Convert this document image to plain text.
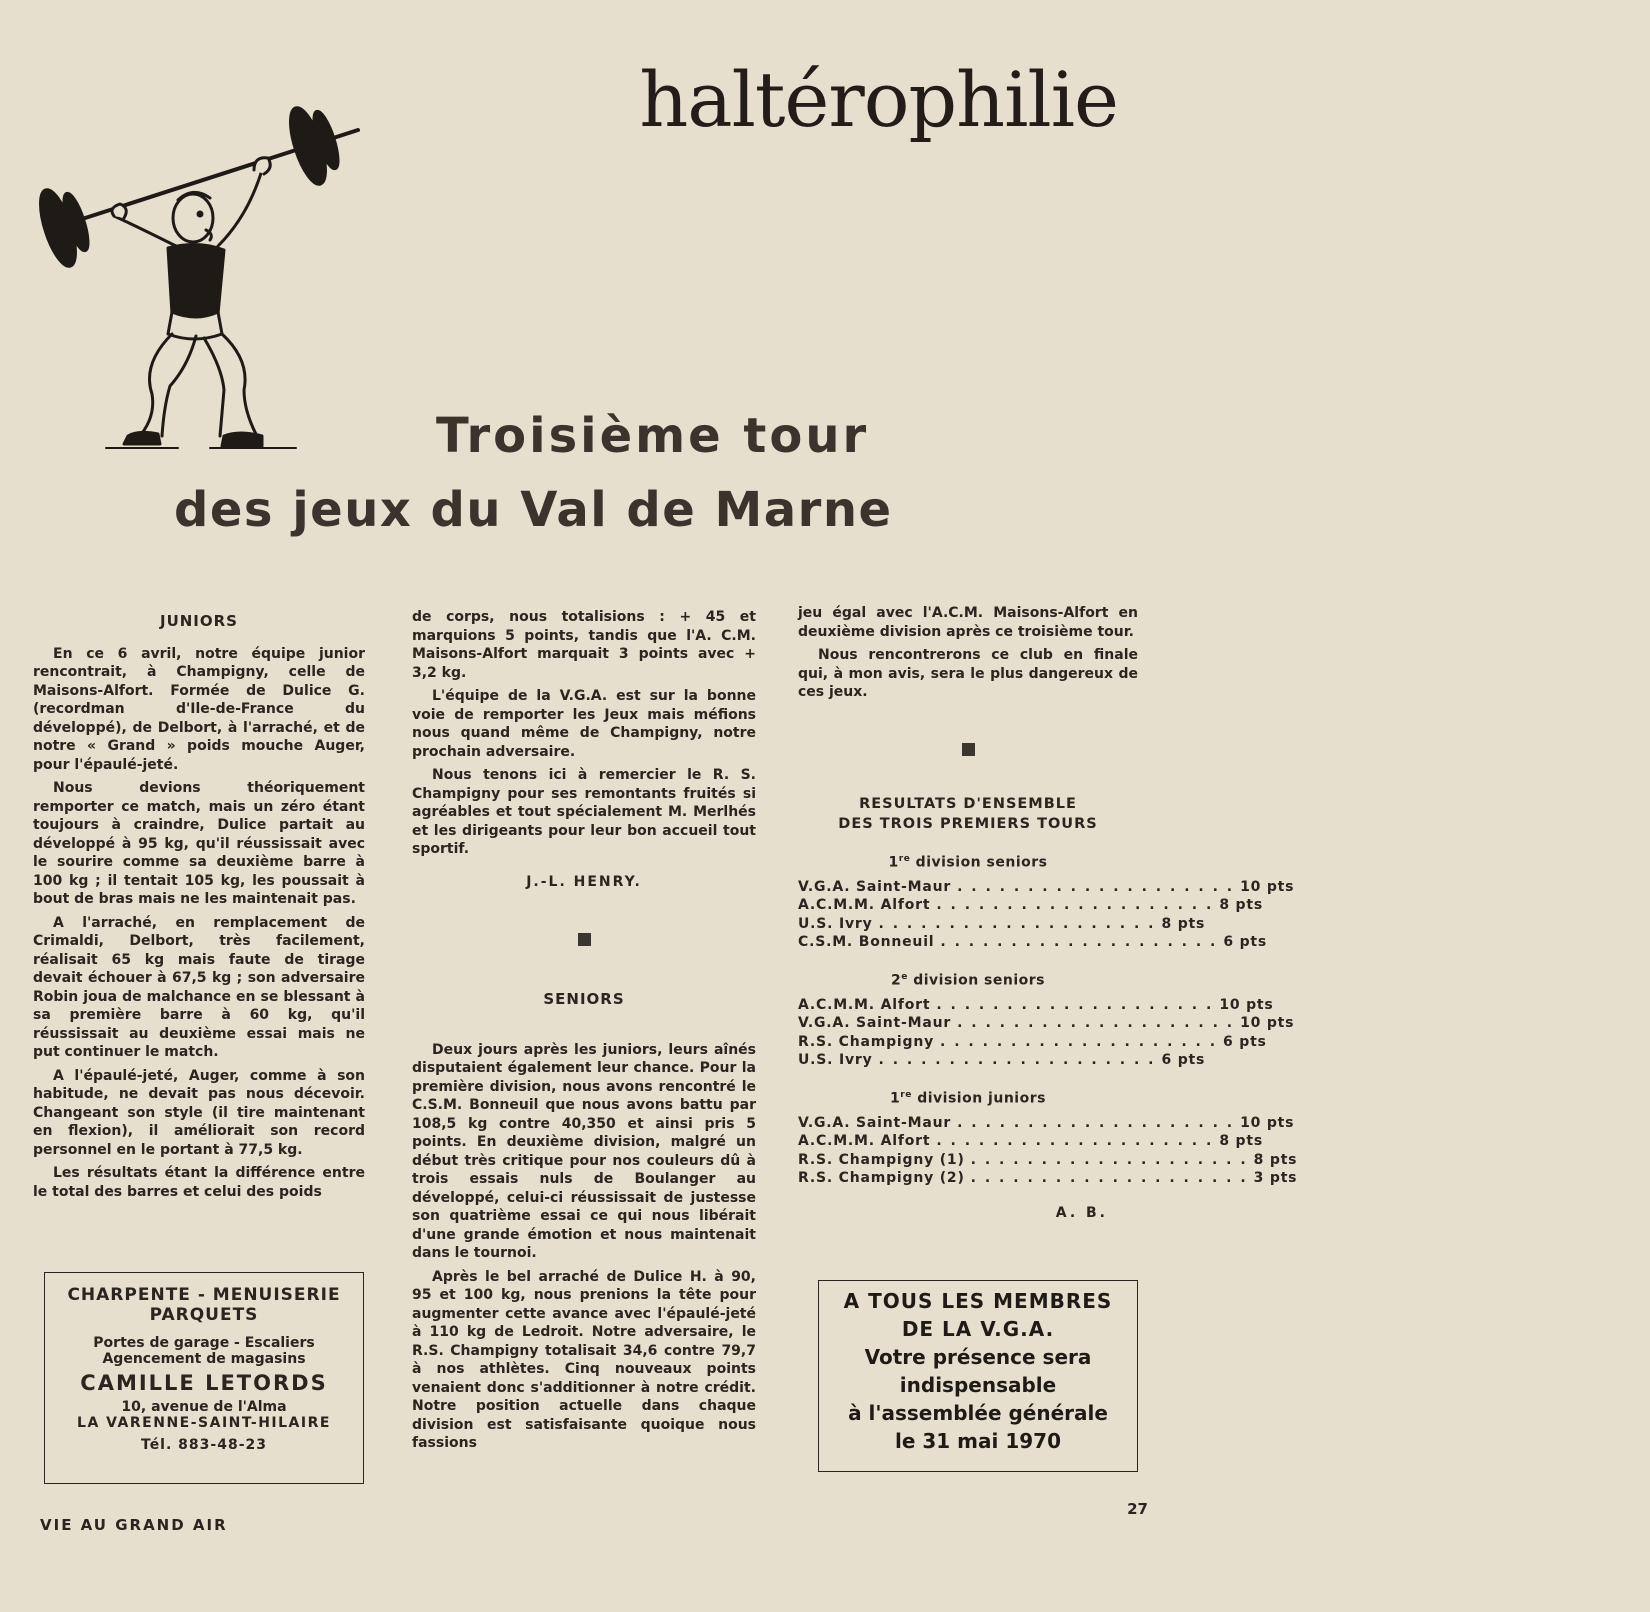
haltérophilie
Troisième tour
des jeux du Val de Marne
JUNIORS

En ce 6 avril, notre équipe junior rencontrait, à Champigny, celle de Maisons-Alfort. Formée de Dulice G. (recordman d'Ile-de-France du développé), de Delbort, à l'arraché, et de notre « Grand » poids mouche Auger, pour l'épaulé-jeté.

Nous devions théoriquement remporter ce match, mais un zéro étant toujours à craindre, Dulice partait au développé à 95 kg, qu'il réussissait avec le sourire comme sa deuxième barre à 100 kg ; il tentait 105 kg, les poussait à bout de bras mais ne les maintenait pas.

A l'arraché, en remplacement de Crimaldi, Delbort, très facilement, réalisait 65 kg mais faute de tirage devait échouer à 67,5 kg ; son adversaire Robin joua de malchance en se blessant à sa première barre à 60 kg, qu'il réussissait au deuxième essai mais ne put continuer le match.

A l'épaulé-jeté, Auger, comme à son habitude, ne devait pas nous décevoir. Changeant son style (il tire maintenant en flexion), il améliorait son record personnel en le portant à 77,5 kg.

Les résultats étant la différence entre le total des barres et celui des poids

CHARPENTE - MENUISERIE
PARQUETS
Portes de garage - Escaliers
Agencement de magasins
CAMILLE LETORDS
10, avenue de l'Alma
LA VARENNE-SAINT-HILAIRE
Tél. 883-48-23

de corps, nous totalisions : + 45 et marquions 5 points, tandis que l'A. C.M. Maisons-Alfort marquait 3 points avec + 3,2 kg.

L'équipe de la V.G.A. est sur la bonne voie de remporter les Jeux mais méfions nous quand même de Champigny, notre prochain adversaire.

Nous tenons ici à remercier le R. S. Champigny pour ses remontants fruités si agréables et tout spécialement M. Merlhés et les dirigeants pour leur bon accueil tout sportif.

J.-L. HENRY.
SENIORS

Deux jours après les juniors, leurs aînés disputaient également leur chance. Pour la première division, nous avons rencontré le C.S.M. Bonneuil que nous avons battu par 108,5 kg contre 40,350 et ainsi pris 5 points. En deuxième division, malgré un début très critique pour nos couleurs dû à trois essais nuls de Boulanger au développé, celui-ci réussissait de justesse son quatrième essai ce qui nous libérait d'une grande émotion et nous maintenait dans le tournoi.

Après le bel arraché de Dulice H. à 90, 95 et 100 kg, nous prenions la tête pour augmenter cette avance avec l'épaulé-jeté à 110 kg de Ledroit. Notre adversaire, le R.S. Champigny totalisait 34,6 contre 79,7 à nos athlètes. Cinq nouveaux points venaient donc s'additionner à notre crédit. Notre position actuelle dans chaque division est satisfaisante quoique nous fassions

jeu égal avec l'A.C.M. Maisons-Alfort en deuxième division après ce troisième tour.

Nous rencontrerons ce club en finale qui, à mon avis, sera le plus dangereux de ces jeux.

RESULTATS D'ENSEMBLE
DES TROIS PREMIERS TOURS
1re division seniors
V.G.A. Saint-Maur . . . . . . . . . . . . . . . . . . . . 10 pts
A.C.M.M. Alfort . . . . . . . . . . . . . . . . . . . . 8 pts
U.S. Ivry . . . . . . . . . . . . . . . . . . . . 8 pts
C.S.M. Bonneuil . . . . . . . . . . . . . . . . . . . . 6 pts
2e division seniors
A.C.M.M. Alfort . . . . . . . . . . . . . . . . . . . . 10 pts
V.G.A. Saint-Maur . . . . . . . . . . . . . . . . . . . . 10 pts
R.S. Champigny . . . . . . . . . . . . . . . . . . . . 6 pts
U.S. Ivry . . . . . . . . . . . . . . . . . . . . 6 pts
1re division juniors
V.G.A. Saint-Maur . . . . . . . . . . . . . . . . . . . . 10 pts
A.C.M.M. Alfort . . . . . . . . . . . . . . . . . . . . 8 pts
R.S. Champigny (1) . . . . . . . . . . . . . . . . . . . . 8 pts
R.S. Champigny (2) . . . . . . . . . . . . . . . . . . . . 3 pts
A. B.
A TOUS LES MEMBRES
DE LA V.G.A.
Votre présence sera
indispensable
à l'assemblée générale
le 31 mai 1970
VIE AU GRAND AIR
27
